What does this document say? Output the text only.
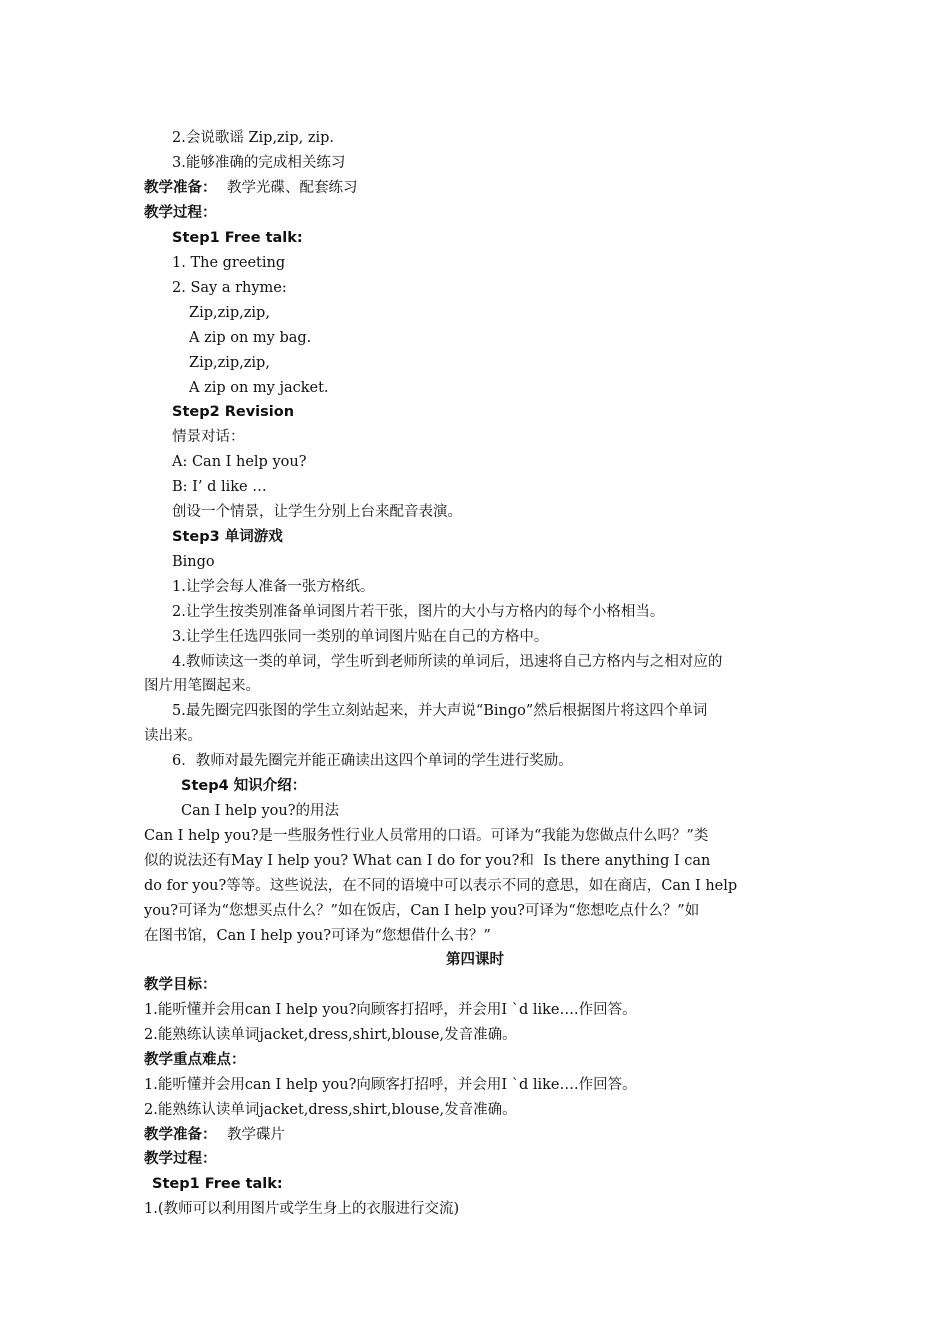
2.会说歌谣 Zip,zip, zip.
3.能够准确的完成相关练习
教学准备： 教学光碟、配套练习
教学过程：
Step1 Free talk:
1. The greeting
2. Say a rhyme:
Zip,zip,zip,
A zip on my bag.
Zip,zip,zip,
A zip on my jacket.
Step2 Revision
情景对话：
A: Can I help you?
B: I’ d like …
创设一个情景，让学生分别上台来配音表演。
Step3 单词游戏
Bingo
1.让学会每人准备一张方格纸。
2.让学生按类别准备单词图片若干张，图片的大小与方格内的每个小格相当。
3.让学生任选四张同一类别的单词图片贴在自己的方格中。
4.教师读这一类的单词，学生听到老师所读的单词后，迅速将自己方格内与之相对应的
图片用笔圈起来。
5.最先圈完四张图的学生立刻站起来，并大声说“Bingo”然后根据图片将这四个单词
读出来。
6．教师对最先圈完并能正确读出这四个单词的学生进行奖励。
Step4 知识介绍：
Can I help you?的用法
Can I help you?是一些服务性行业人员常用的口语。可译为“我能为您做点什么吗？”类
似的说法还有May I help you? What can I do for you?和  Is there anything I can
do for you?等等。这些说法，在不同的语境中可以表示不同的意思，如在商店，Can I help
you?可译为“您想买点什么？”如在饭店，Can I help you?可译为“您想吃点什么？”如
在图书馆，Can I help you?可译为“您想借什么书？”
第四课时
教学目标：
1.能听懂并会用can I help you?向顾客打招呼，并会用I `d like….作回答。
2.能熟练认读单词jacket,dress,shirt,blouse,发音准确。
教学重点难点：
1.能听懂并会用can I help you?向顾客打招呼，并会用I `d like….作回答。
2.能熟练认读单词jacket,dress,shirt,blouse,发音准确。
教学准备： 教学碟片
教学过程：
Step1 Free talk:
1.(教师可以利用图片或学生身上的衣服进行交流)
